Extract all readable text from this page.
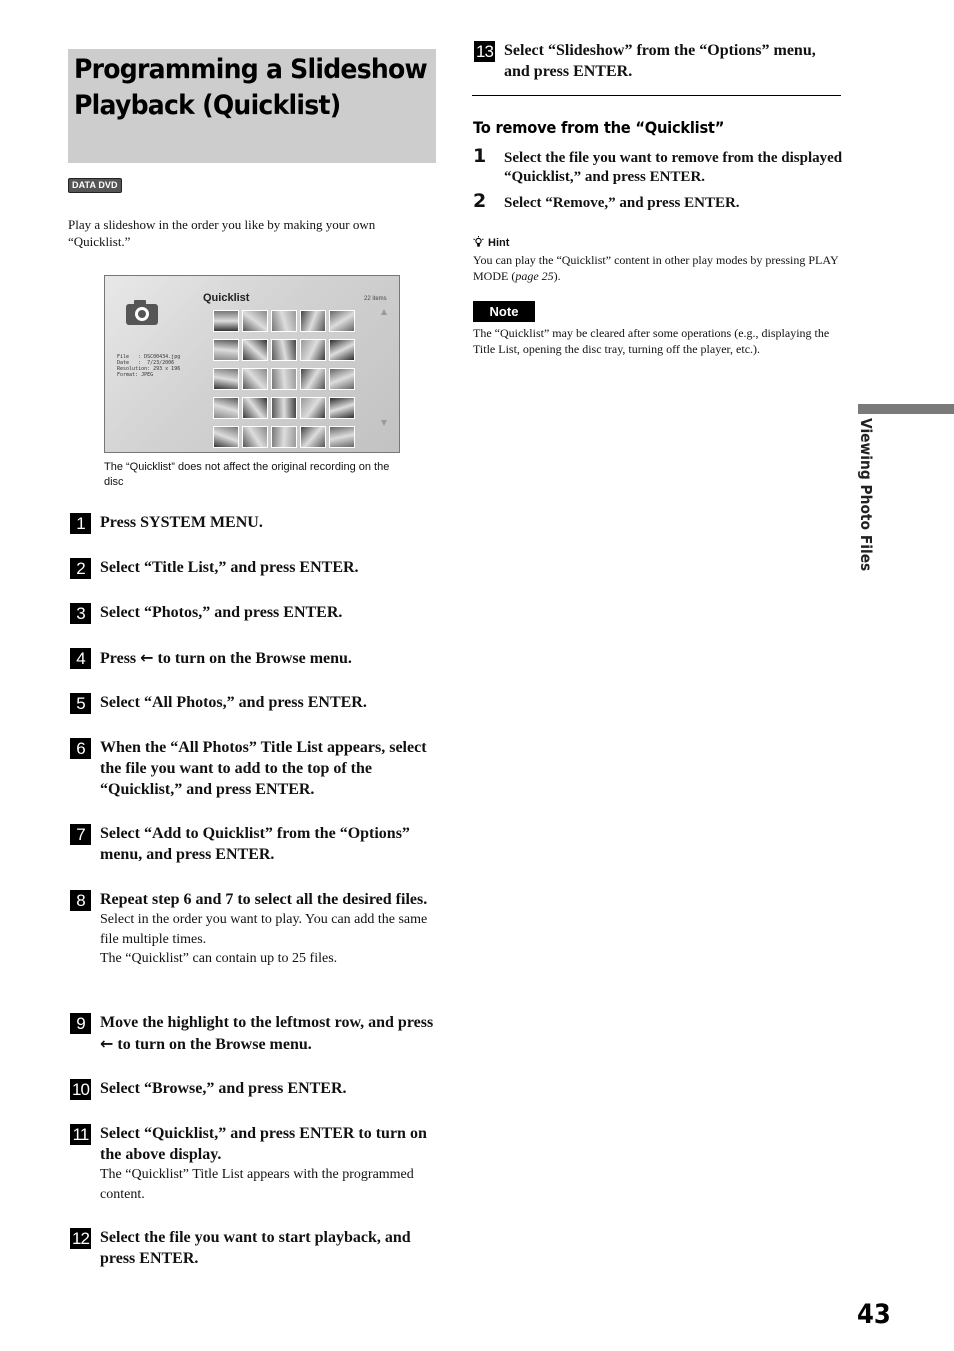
Programming a Slideshow
Playback (Quicklist)
DATA DVD

Play a slideshow in the order you like by making your own “Quicklist.”

Quicklist	22 items
File   : DSC00434.jpg
Date   :  7/23/2006
Resolution: 293 x 196
Format: JPEG
The “Quicklist” does not affect the original recording on the disc
1 Press SYSTEM MENU.
2 Select “Title List,” and press ENTER.
3 Select “Photos,” and press ENTER.
4 Press ← to turn on the Browse menu.
5 Select “All Photos,” and press ENTER.
6 When the “All Photos” Title List appears, select the file you want to add to the top of the “Quicklist,” and press ENTER.
7 Select “Add to Quicklist” from the “Options” menu, and press ENTER.
8 Repeat step 6 and 7 to select all the desired files.
Select in the order you want to play. You can add the same file multiple times.
The “Quicklist” can contain up to 25 files.
9 Move the highlight to the leftmost row, and press ← to turn on the Browse menu.
10 Select “Browse,” and press ENTER.
11 Select “Quicklist,” and press ENTER to turn on the above display.
The “Quicklist” Title List appears with the programmed content.
12 Select the file you want to start playback, and press ENTER.
13 Select “Slideshow” from the “Options” menu, and press ENTER.
To remove from the “Quicklist”
1 Select the file you want to remove from the displayed “Quicklist,” and press ENTER.
2 Select “Remove,” and press ENTER.
Hint
You can play the “Quicklist” content in other play modes by pressing PLAY MODE (page 25).
Note
The “Quicklist” may be cleared after some operations (e.g., displaying the Title List, opening the disc tray, turning off the player, etc.).
Viewing Photo Files
43
